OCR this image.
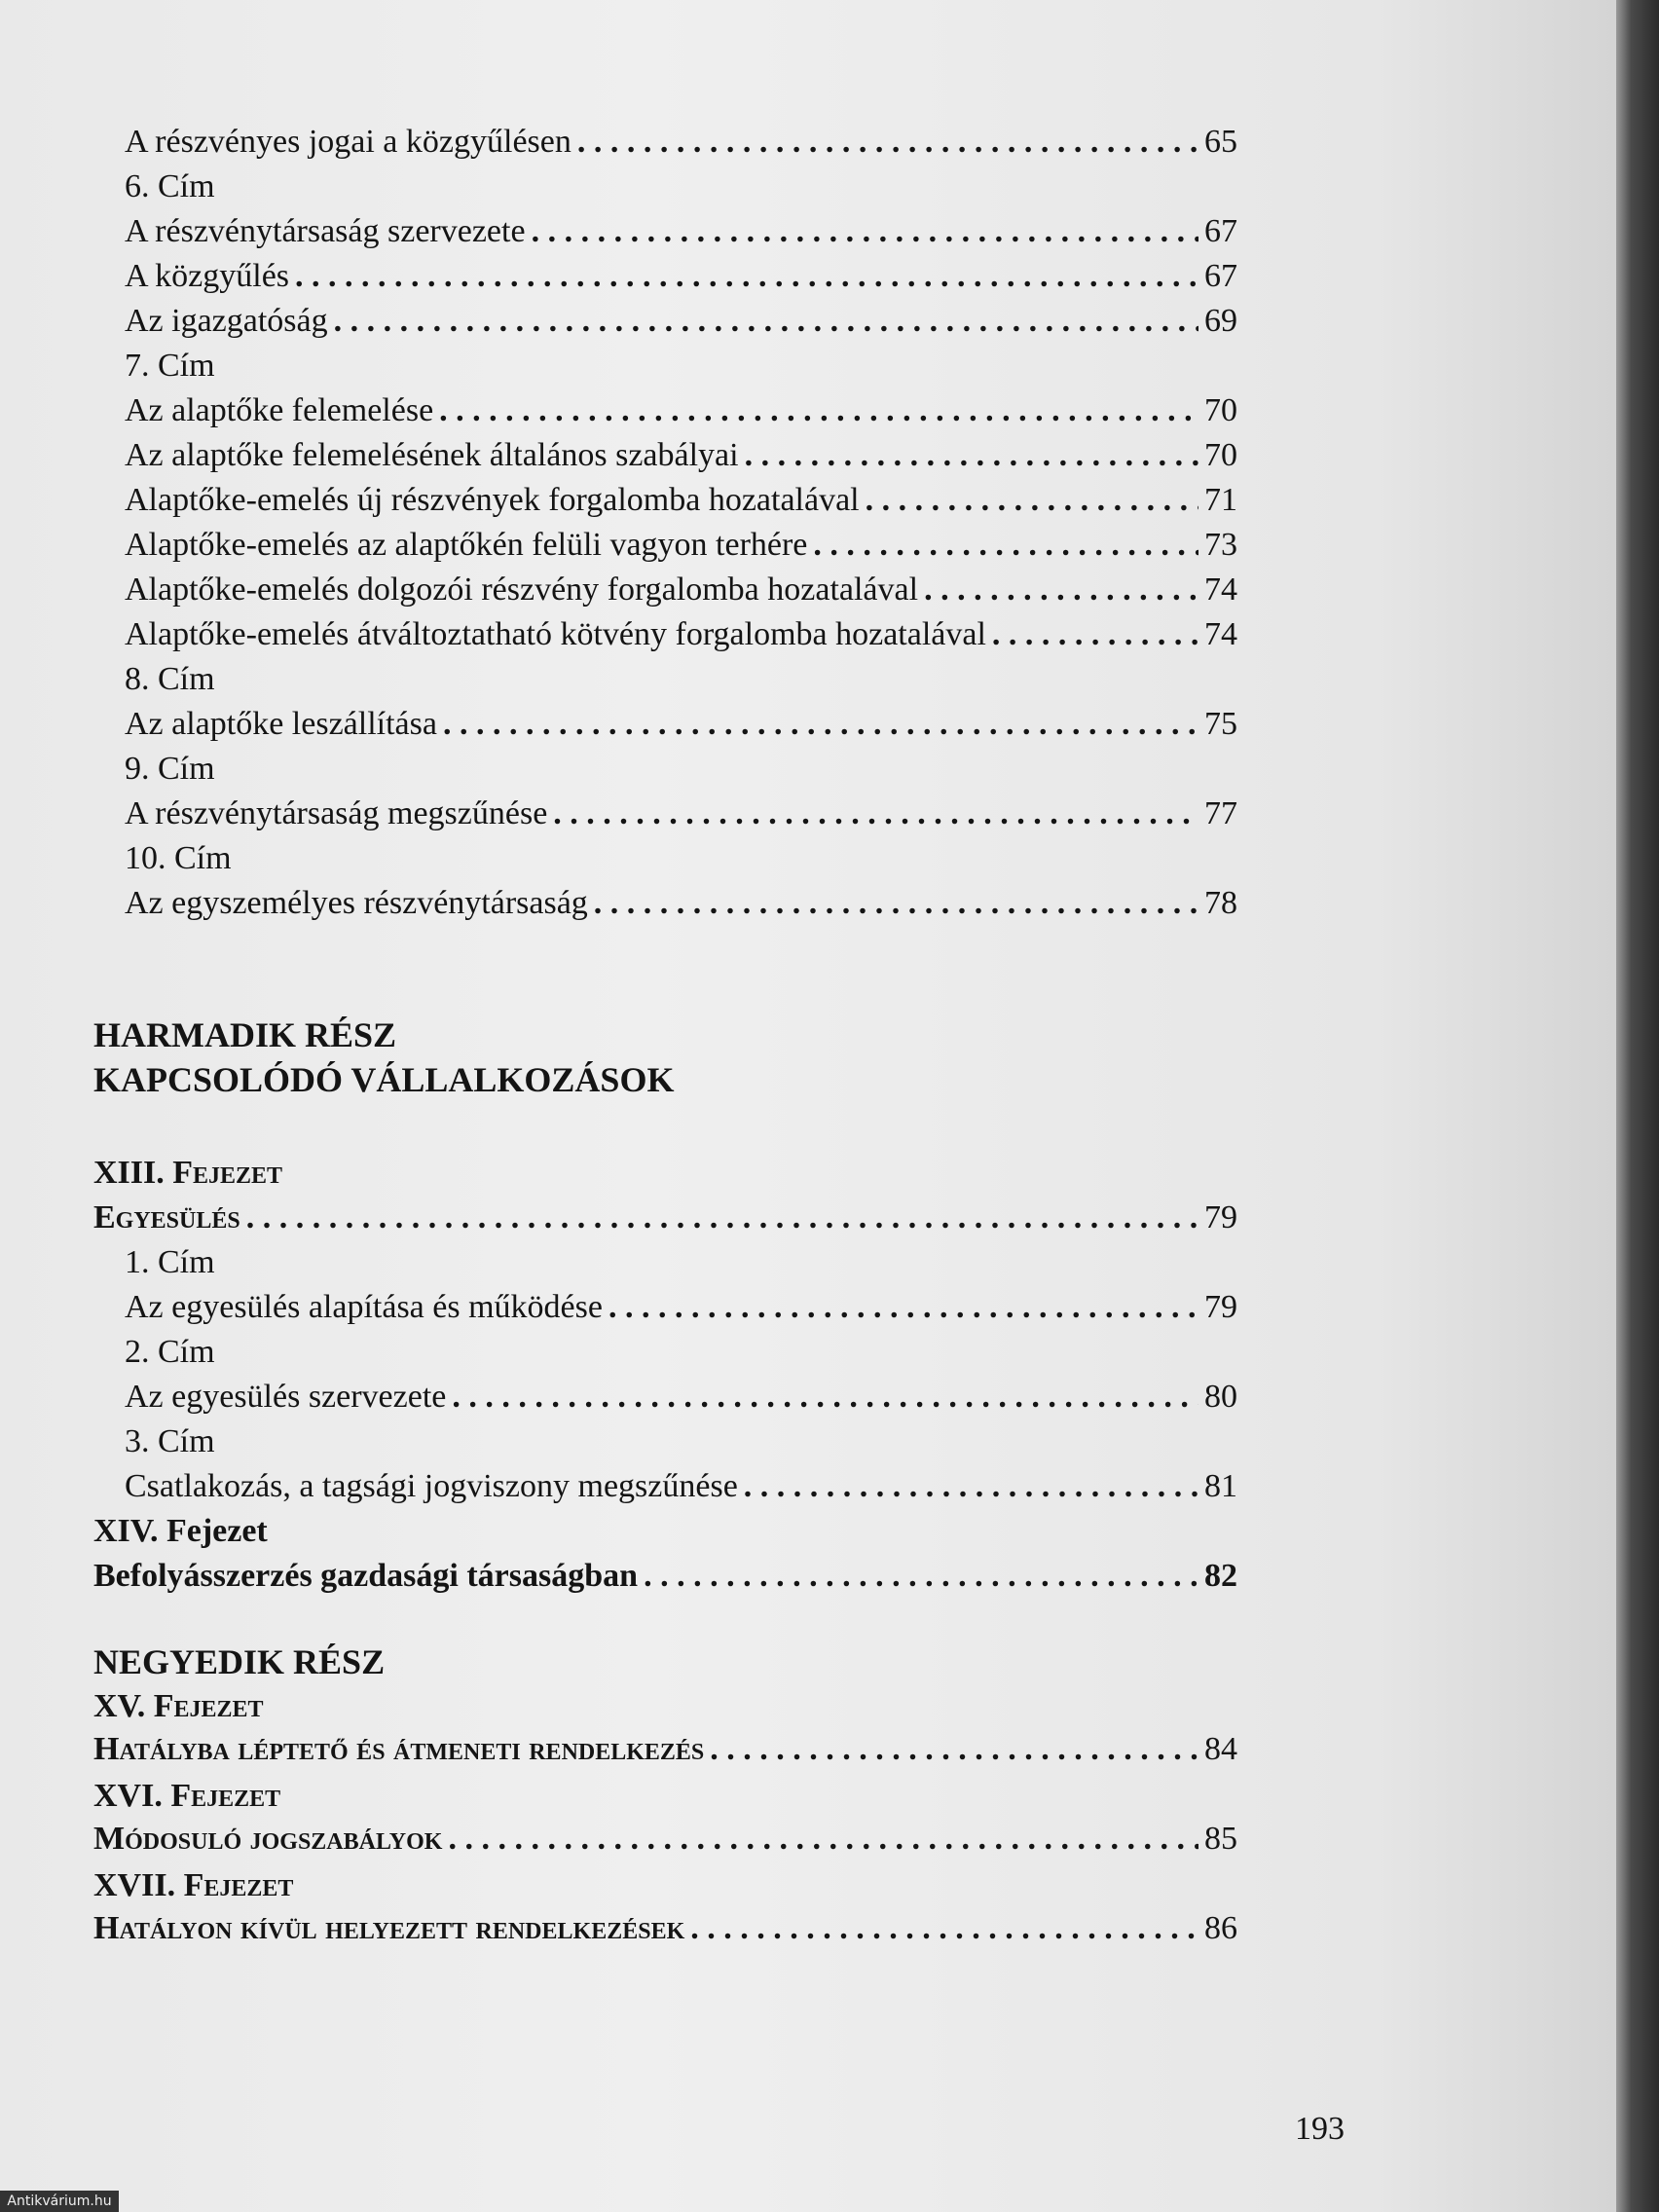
A részvényes jogai a közgyűlésen . . .	65
6. Cím
A részvénytársaság szervezete . . .	67
A közgyűlés . . .	67
Az igazgatóság . . .	69
7. Cím
Az alaptőke felemelése . . .	70
Az alaptőke felemelésének általános szabályai . . .	70
Alaptőke-emelés új részvények forgalomba hozatalával . . .	71
Alaptőke-emelés az alaptőkén felüli vagyon terhére . . .	73
Alaptőke-emelés dolgozói részvény forgalomba hozatalával . . .	74
Alaptőke-emelés átváltoztatható kötvény forgalomba hozatalával . . .	74
8. Cím
Az alaptőke leszállítása . . .	75
9. Cím
A részvénytársaság megszűnése . . .	77
10. Cím
Az egyszemélyes részvénytársaság . . .	78
HARMADIK RÉSZ
KAPCSOLÓDÓ VÁLLALKOZÁSOK
XIII. Fejezet
Egyesülés . . .	79
1. Cím
Az egyesülés alapítása és működése . . .	79
2. Cím
Az egyesülés szervezete . . .	80
3. Cím
Csatlakozás, a tagsági jogviszony megszűnése . . .	81
XIV. Fejezet
Befolyásszerzés gazdasági társaságban . . .	82
NEGYEDIK RÉSZ
XV. Fejezet
Hatályba léptető és átmeneti rendelkezés . . .	84
XVI. Fejezet
Módosuló jogszabályok . . .	85
XVII. Fejezet
Hatályon kívül helyezett rendelkezések . . .	86
193
Antikvárium.hu
